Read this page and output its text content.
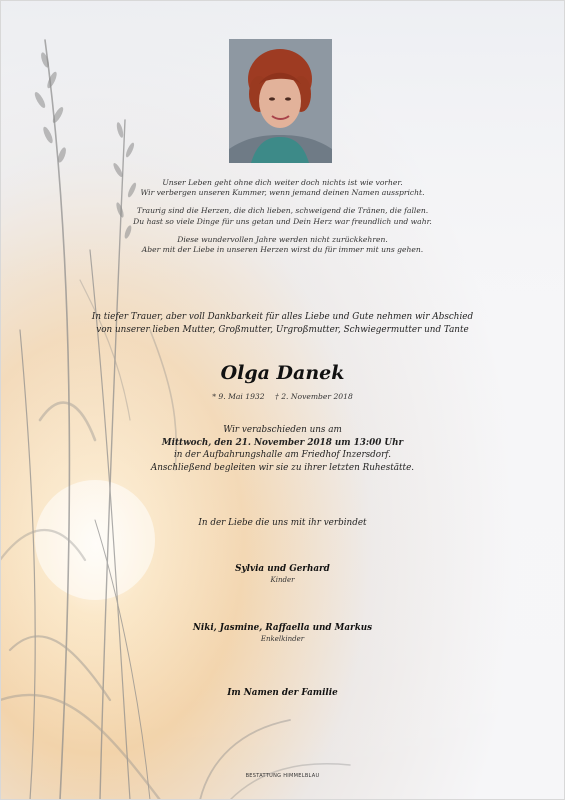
Unser Leben geht ohne dich weiter doch nichts ist wie vorher.
Wir verbergen unseren Kummer, wenn jemand deinen Namen ausspricht.

Traurig sind die Herzen, die dich lieben, schweigend die Tränen, die fallen.
Du hast so viele Dinge für uns getan und Dein Herz war freundlich und wahr.

Diese wundervollen Jahre werden nicht zurückkehren.
Aber mit der Liebe in unseren Herzen wirst du für immer mit uns gehen.

In tiefer Trauer, aber voll Dankbarkeit für alles Liebe und Gute nehmen wir Abschied
von unserer lieben Mutter, Großmutter, Urgroßmutter, Schwiegermutter und Tante
Olga Danek
* 9. Mai 1932 † 2. November 2018
Wir verabschieden uns am
Mittwoch, den 21. November 2018 um 13:00 Uhr
in der Aufbahrungshalle am Friedhof Inzersdorf.
Anschließend begleiten wir sie zu ihrer letzten Ruhestätte.
In der Liebe die uns mit ihr verbindet
Sylvia und Gerhard
Kinder
Niki, Jasmine, Raffaella und Markus
Enkelkinder
Im Namen der Familie
BESTATTUNG HIMMELBLAU
